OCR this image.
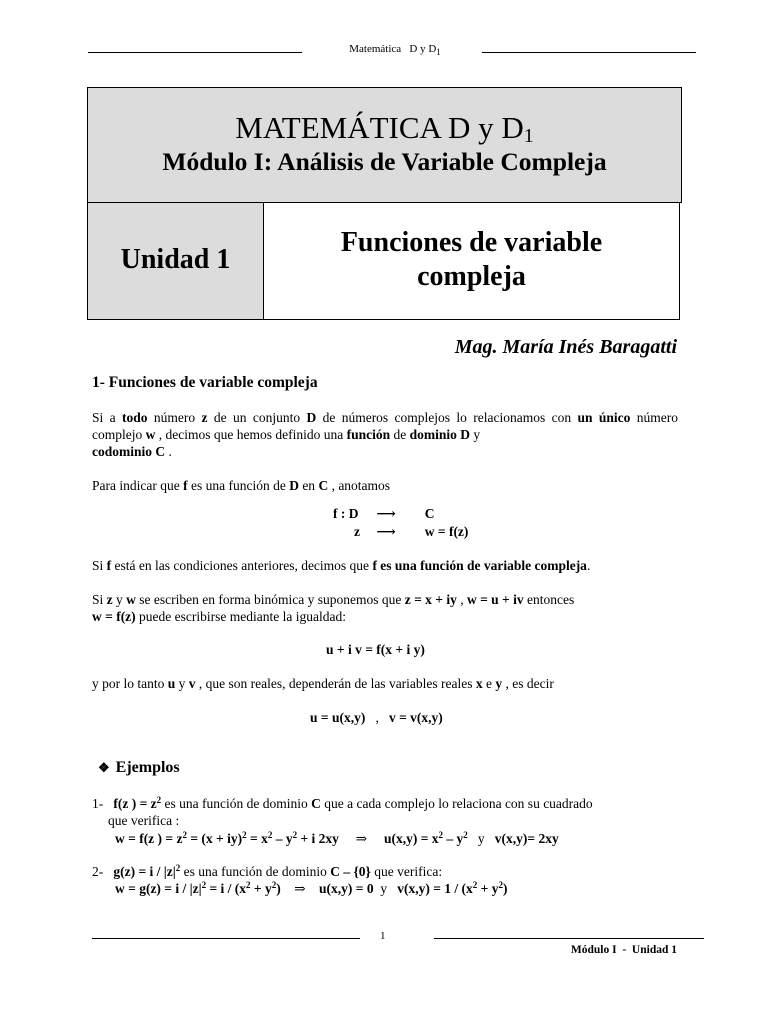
Matemática   D y $D_1$
MATEMÁTICA D y $D_1$
Módulo I: Análisis de Variable Compleja
Unidad 1
Funciones de variable
compleja
Mag. María Inés Baragatti
1- Funciones de variable compleja
Si a todo número z de un conjunto D de números complejos lo relacionamos con un único número complejo w , decimos que hemos definido una función de dominio D y
codominio C .
Para indicar que f es una función de D en C , anotamos
f : D ⟶ C
z ⟶ w = f(z)
Si f está en las condiciones anteriores, decimos que f es una función de variable compleja.
Si z y w se escriben en forma binómica y suponemos que z = x + iy , w = u + iv entonces
w = f(z) puede escribirse mediante la igualdad:
u + i v = f(x + i y)
y por lo tanto u y v , que son reales, dependerán de las variables reales x e y , es decir
u = u(x,y) , v = v(x,y)
❖ Ejemplos
1- f(z ) = $z^2$ es una función de dominio C que a cada complejo lo relaciona con su cuadrado
que verifica :
w = f(z ) = $z^2 = (x + iy)^2 = x^2 - y^2 + i$ 2xy ⇒ $u(x,y) = x^2 - y^2$ y v(x,y)= 2xy
2- $g(z) = i / |z|^2$ es una función de dominio C – {0} que verifica:
$w = g(z) = i / |z|^2 = i / (x^2 + y^2)$ ⇒ u(x,y) = 0 y $v(x,y) = 1 / (x^2 + y^2)$
1
Módulo I  -  Unidad 1
